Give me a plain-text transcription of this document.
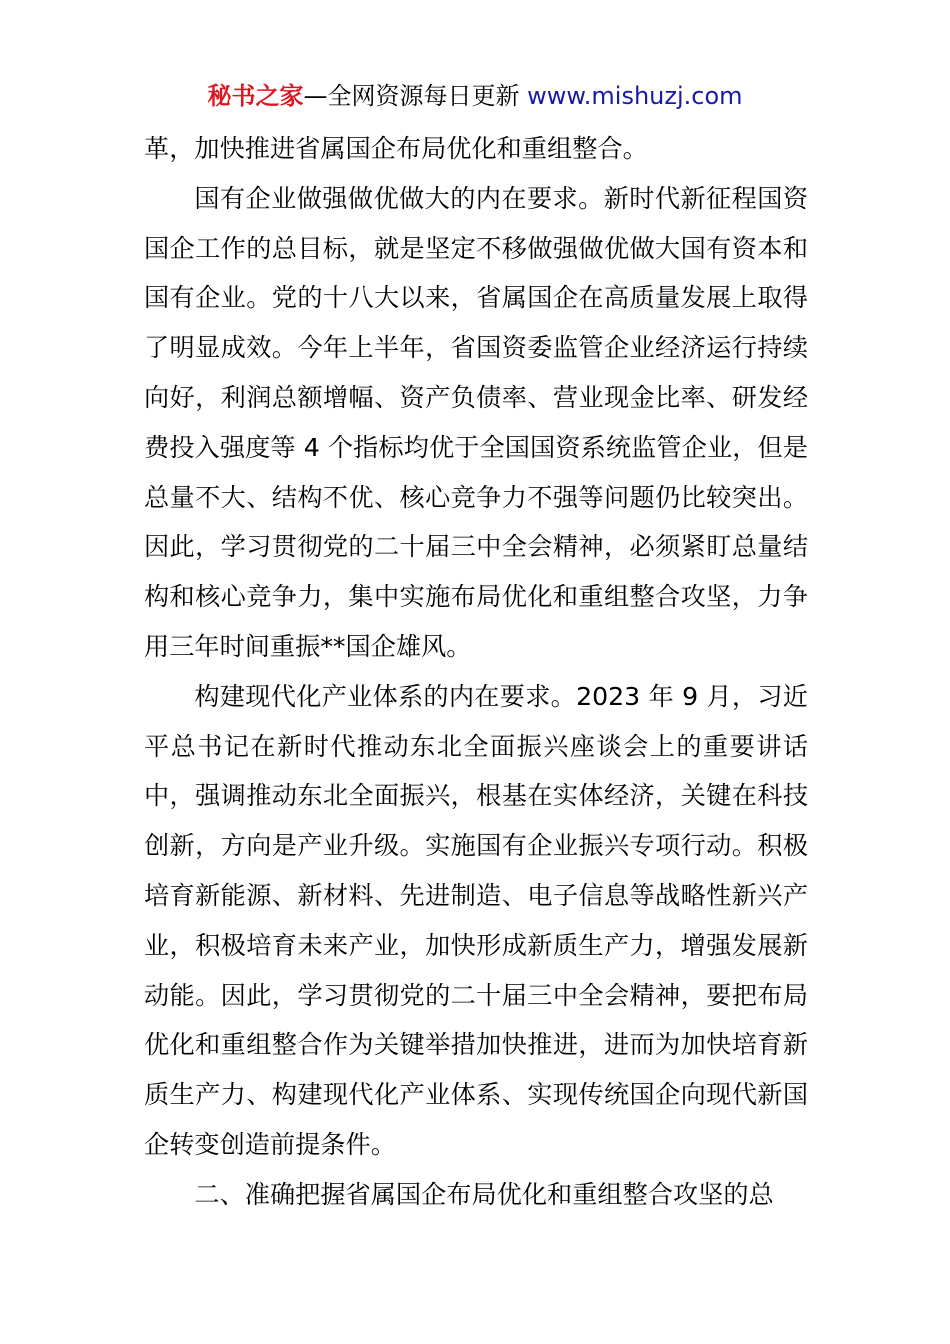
秘书之家—全网资源每日更新 www.mishuzj.com

革，加快推进省属国企布局优化和重组整合。

国有企业做强做优做大的内在要求。新时代新征程国资国企工作的总目标，就是坚定不移做强做优做大国有资本和国有企业。党的十八大以来，省属国企在高质量发展上取得了明显成效。今年上半年，省国资委监管企业经济运行持续向好，利润总额增幅、资产负债率、营业现金比率、研发经费投入强度等 4 个指标均优于全国国资系统监管企业，但是总量不大、结构不优、核心竞争力不强等问题仍比较突出。因此，学习贯彻党的二十届三中全会精神，必须紧盯总量结构和核心竞争力，集中实施布局优化和重组整合攻坚，力争用三年时间重振**国企雄风。

构建现代化产业体系的内在要求。2023 年 9 月，习近平总书记在新时代推动东北全面振兴座谈会上的重要讲话中，强调推动东北全面振兴，根基在实体经济，关键在科技创新，方向是产业升级。实施国有企业振兴专项行动。积极培育新能源、新材料、先进制造、电子信息等战略性新兴产业，积极培育未来产业，加快形成新质生产力，增强发展新动能。因此，学习贯彻党的二十届三中全会精神，要把布局优化和重组整合作为关键举措加快推进，进而为加快培育新质生产力、构建现代化产业体系、实现传统国企向现代新国企转变创造前提条件。

二、准确把握省属国企布局优化和重组整合攻坚的总
